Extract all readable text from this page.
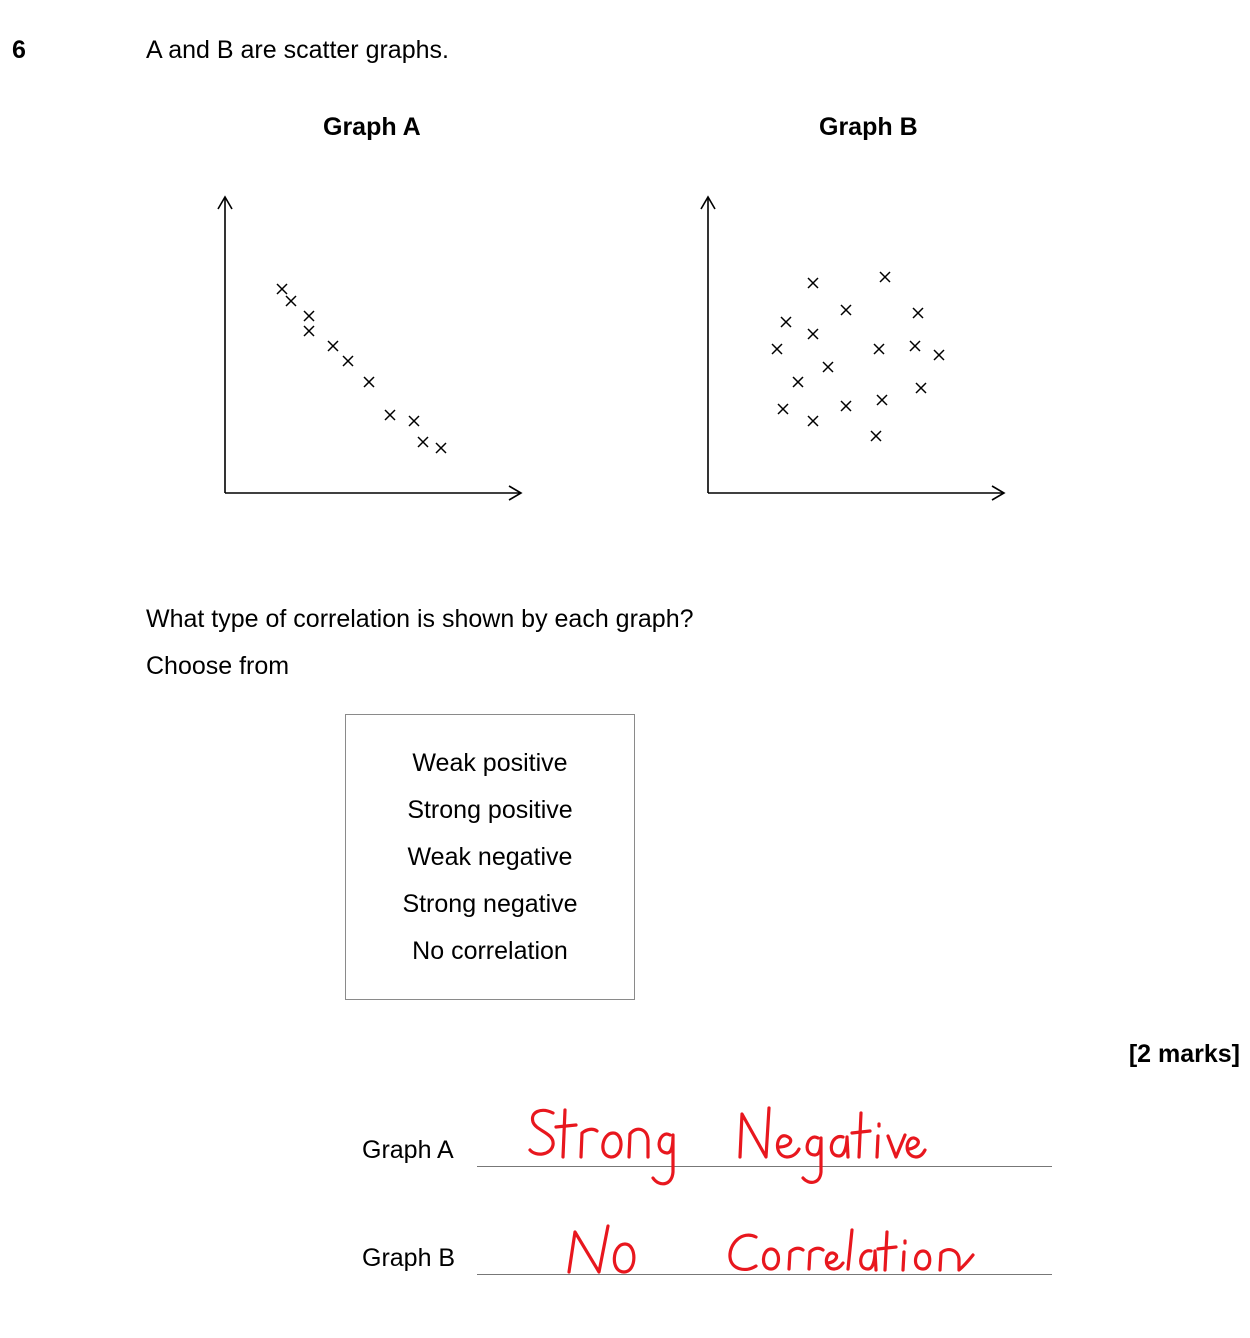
6	A and B are scatter graphs.
Graph A	Graph B
What type of correlation is shown by each graph?
Choose from
Weak positive
Strong positive
Weak negative
Strong negative
No correlation
[2 marks]
Graph A
Graph B
